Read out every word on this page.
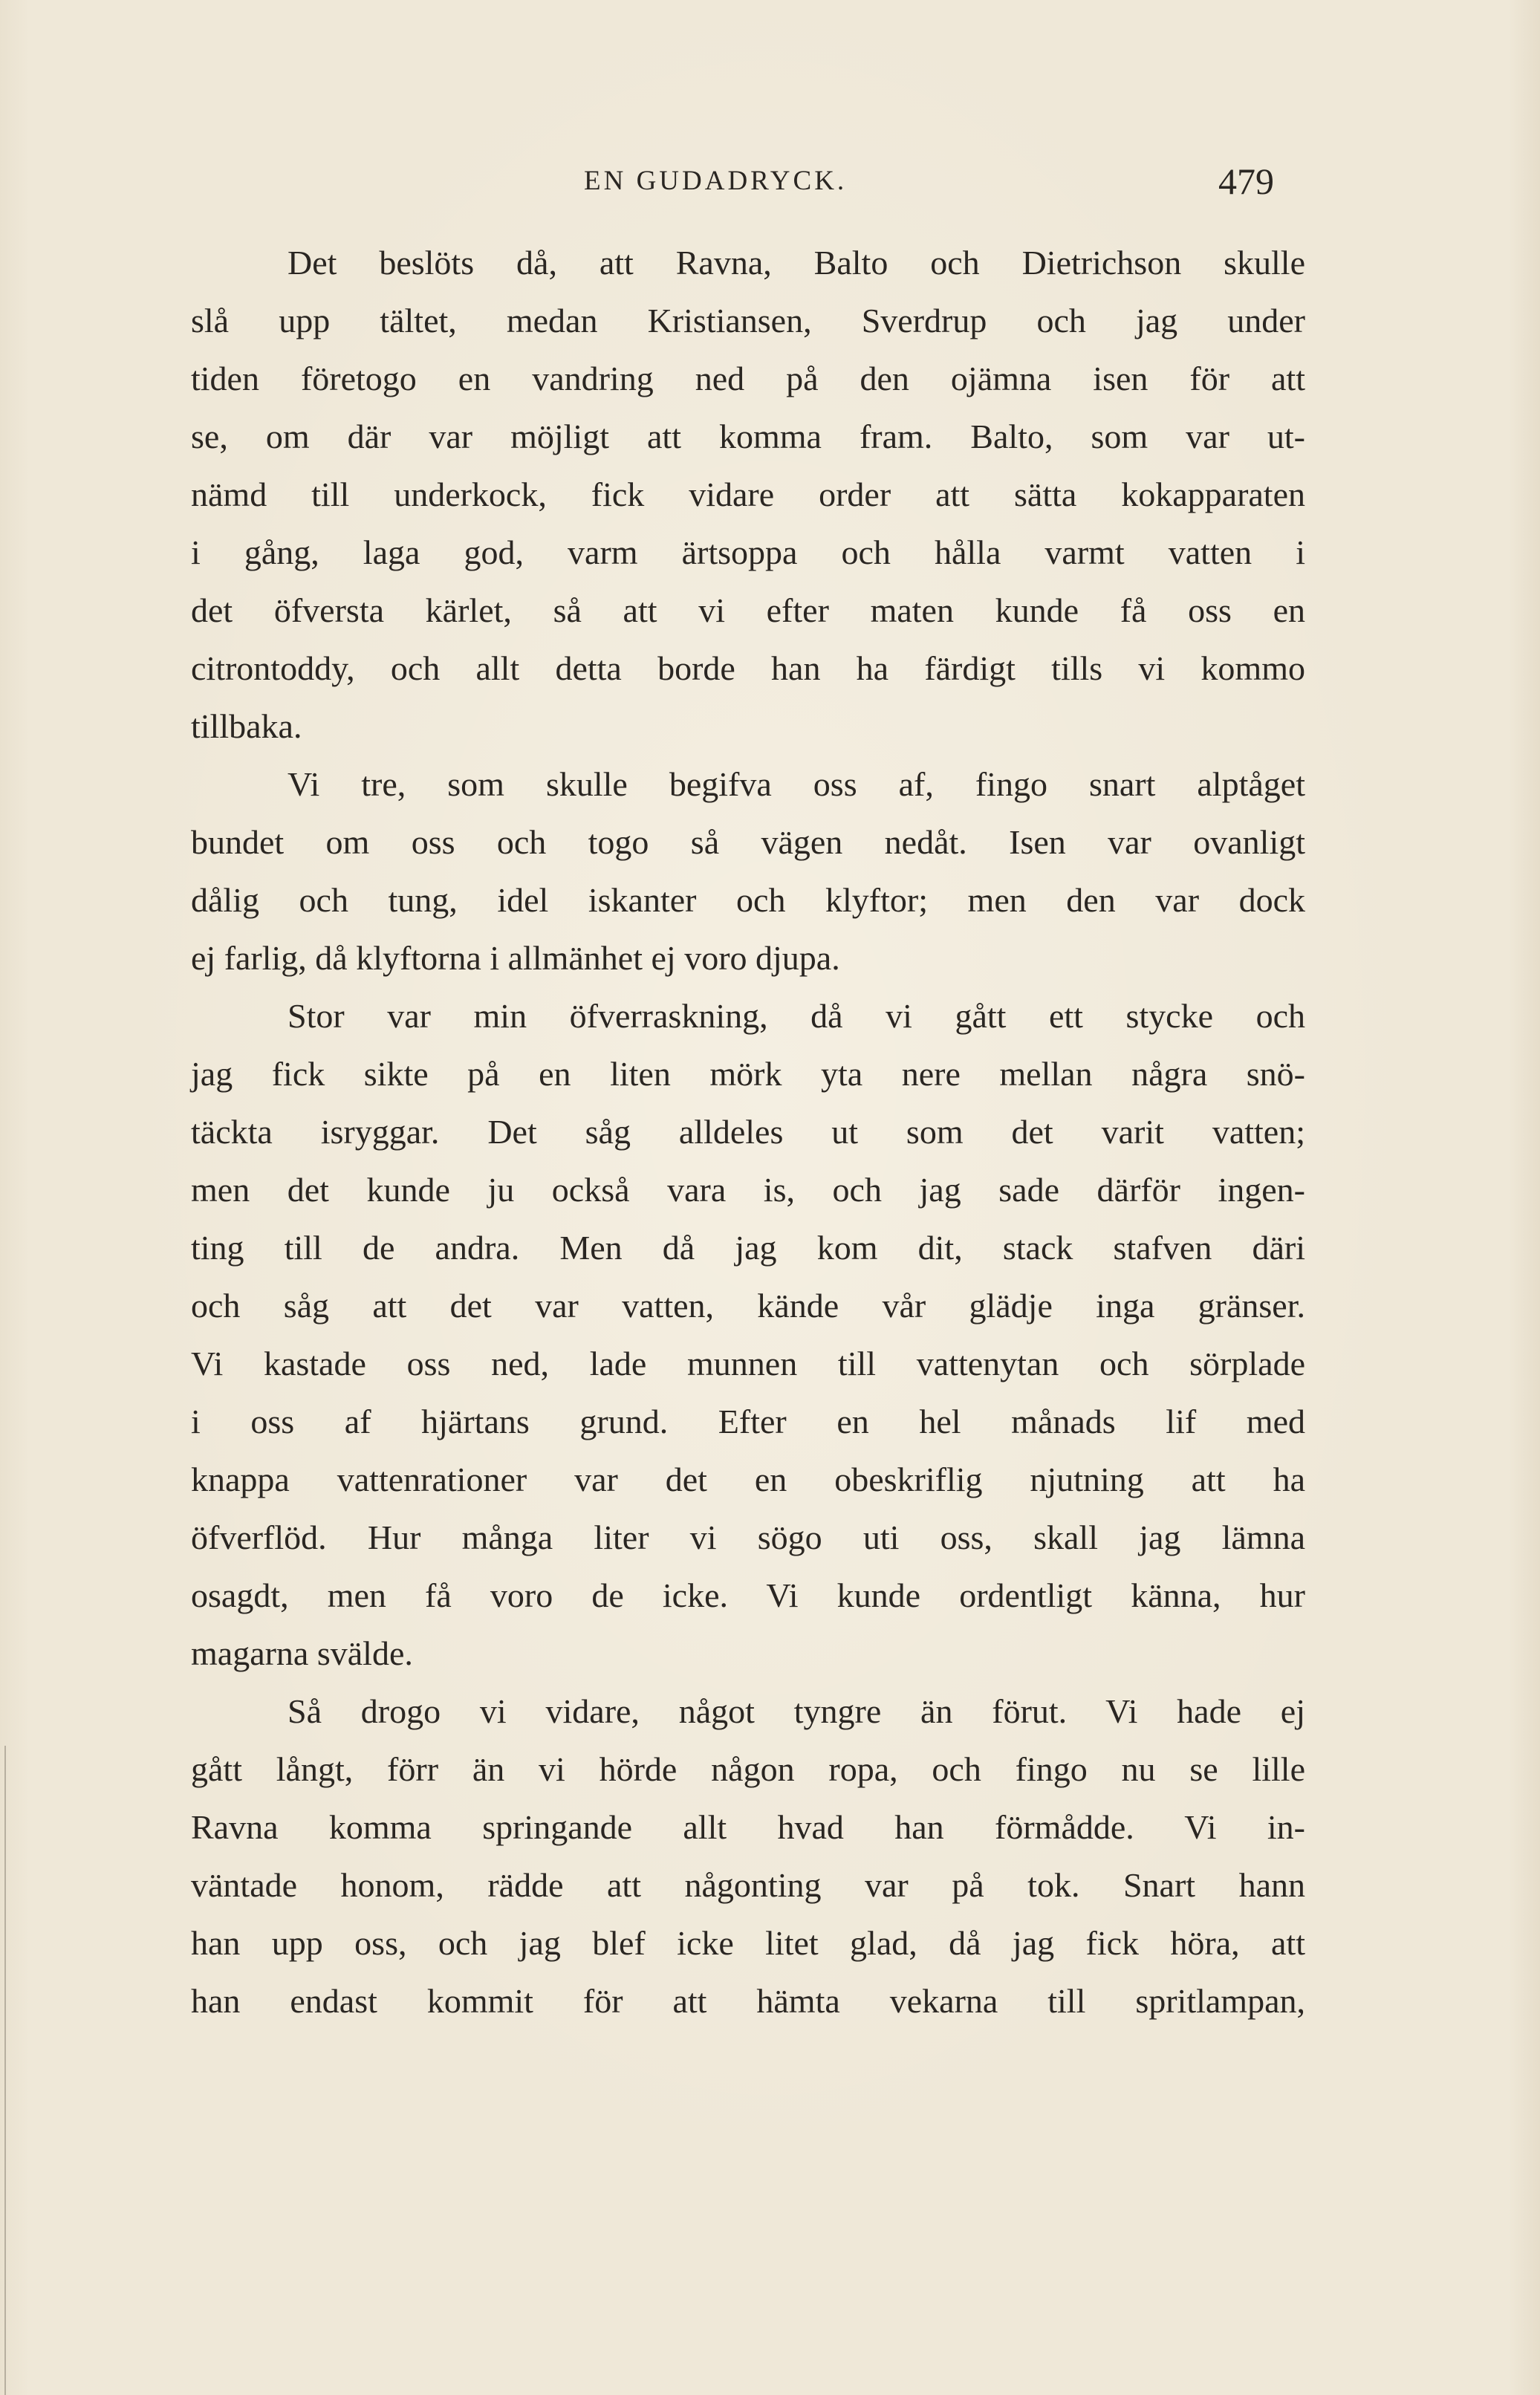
EN GUDADRYCK.	479
Det beslöts då, att Ravna, Balto och Dietrichson skulle
slå upp tältet, medan Kristiansen, Sverdrup och jag under
tiden företogo en vandring ned på den ojämna isen för att
se, om där var möjligt att komma fram. Balto, som var ut-
nämd till underkock, fick vidare order att sätta kokapparaten
i gång, laga god, varm ärtsoppa och hålla varmt vatten i
det öfversta kärlet, så att vi efter maten kunde få oss en
citrontoddy, och allt detta borde han ha färdigt tills vi kommo
tillbaka.
Vi tre, som skulle begifva oss af, fingo snart alptåget
bundet om oss och togo så vägen nedåt. Isen var ovanligt
dålig och tung, idel iskanter och klyftor; men den var dock
ej farlig, då klyftorna i allmänhet ej voro djupa.
Stor var min öfverraskning, då vi gått ett stycke och
jag fick sikte på en liten mörk yta nere mellan några snö-
täckta isryggar. Det såg alldeles ut som det varit vatten;
men det kunde ju också vara is, och jag sade därför ingen-
ting till de andra. Men då jag kom dit, stack stafven däri
och såg att det var vatten, kände vår glädje inga gränser.
Vi kastade oss ned, lade munnen till vattenytan och sörplade
i oss af hjärtans grund. Efter en hel månads lif med
knappa vattenrationer var det en obeskriflig njutning att ha
öfverflöd. Hur många liter vi sögo uti oss, skall jag lämna
osagdt, men få voro de icke. Vi kunde ordentligt känna, hur
magarna svälde.
Så drogo vi vidare, något tyngre än förut. Vi hade ej
gått långt, förr än vi hörde någon ropa, och fingo nu se lille
Ravna komma springande allt hvad han förmådde. Vi in-
väntade honom, rädde att någonting var på tok. Snart hann
han upp oss, och jag blef icke litet glad, då jag fick höra, att
han endast kommit för att hämta vekarna till spritlampan,
